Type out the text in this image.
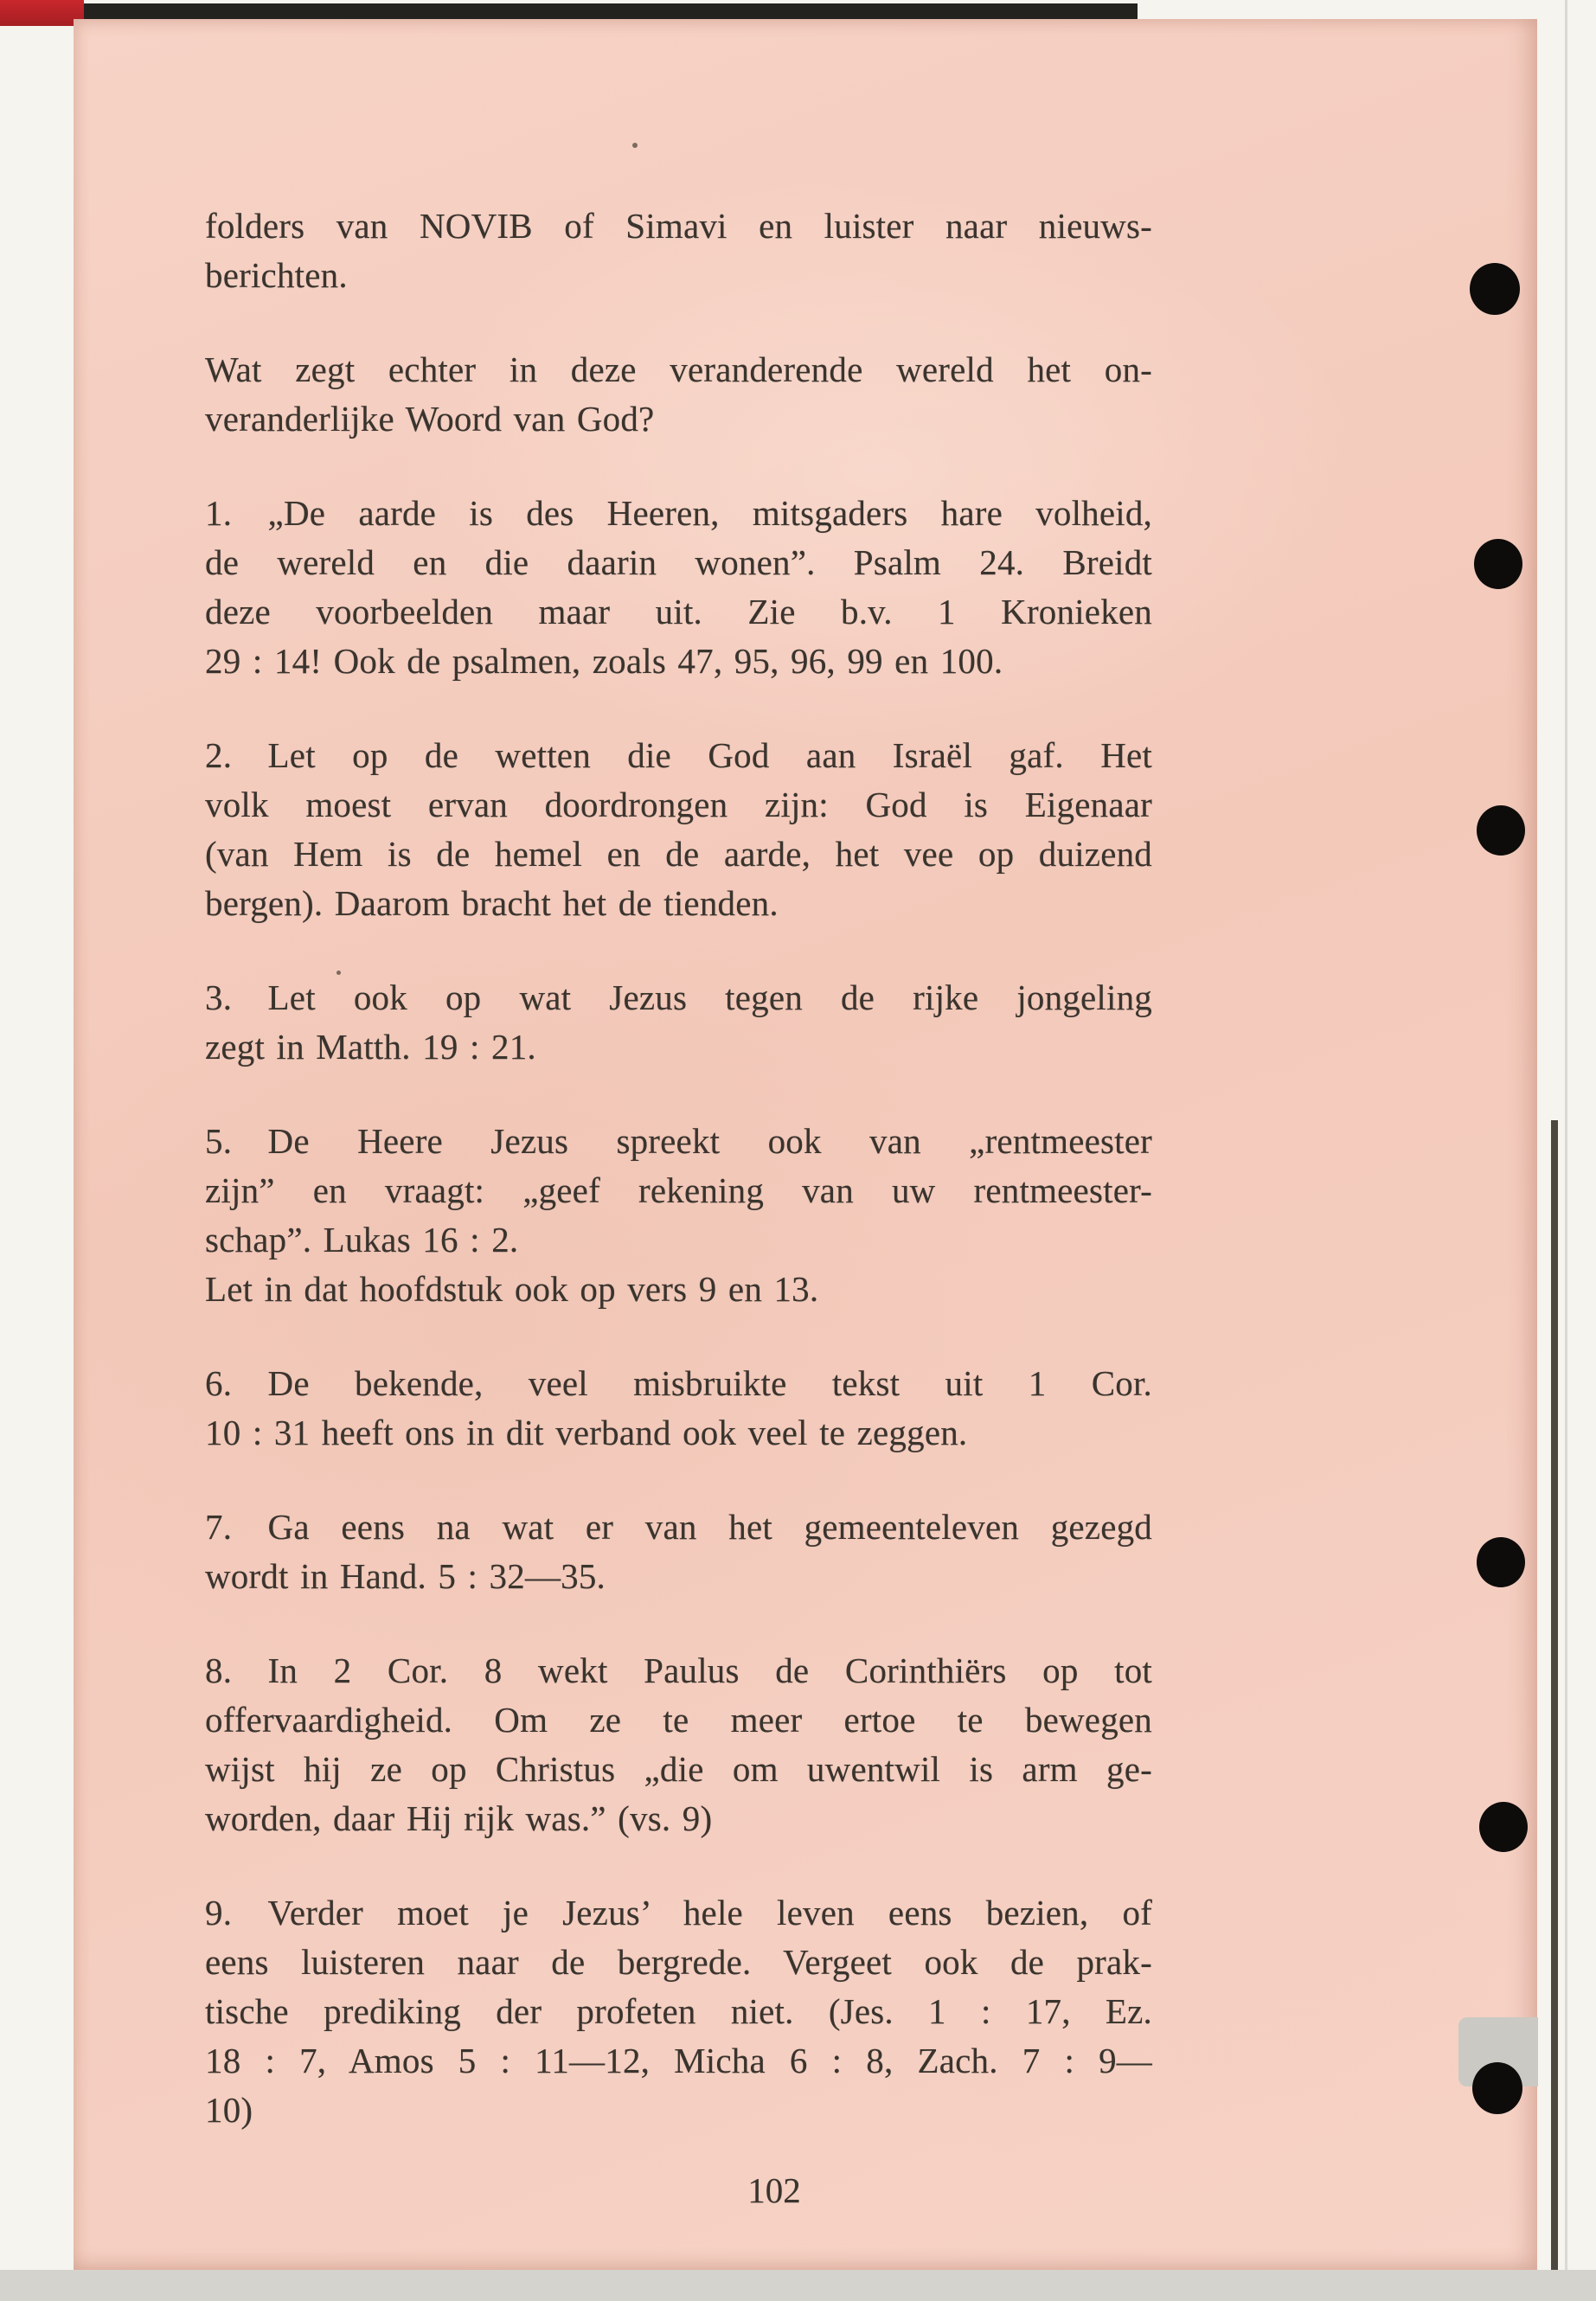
folders van NOVIB of Simavi en luister naar nieuws-
berichten.
Wat zegt echter in deze veranderende wereld het on-
veranderlijke Woord van God?
1.  „De aarde is des Heeren, mitsgaders hare volheid,
de wereld en die daarin wonen”. Psalm 24. Breidt
deze voorbeelden maar uit. Zie b.v. 1 Kronieken
29 : 14! Ook de psalmen, zoals 47, 95, 96, 99 en 100.
2.  Let op de wetten die God aan Israël gaf. Het
volk moest ervan doordrongen zijn: God is Eigenaar
(van Hem is de hemel en de aarde, het vee op duizend
bergen). Daarom bracht het de tienden.
3.  Let ook op wat Jezus tegen de rijke jongeling
zegt in Matth. 19 : 21.
5.  De Heere Jezus spreekt ook van „rentmeester
zijn” en vraagt: „geef rekening van uw rentmeester-
schap”. Lukas 16 : 2.
Let in dat hoofdstuk ook op vers 9 en 13.
6.  De bekende, veel misbruikte tekst uit 1 Cor.
10 : 31 heeft ons in dit verband ook veel te zeggen.
7.  Ga eens na wat er van het gemeenteleven gezegd
wordt in Hand. 5 : 32—35.
8.  In 2 Cor. 8 wekt Paulus de Corinthiërs op tot
offervaardigheid. Om ze te meer ertoe te bewegen
wijst hij ze op Christus „die om uwentwil is arm ge-
worden, daar Hij rijk was.” (vs. 9)
9.  Verder moet je Jezus’ hele leven eens bezien, of
eens luisteren naar de bergrede. Vergeet ook de prak-
tische prediking der profeten niet. (Jes. 1 : 17, Ez.
18 : 7, Amos 5 : 11—12, Micha 6 : 8, Zach. 7 : 9—
10)
102
